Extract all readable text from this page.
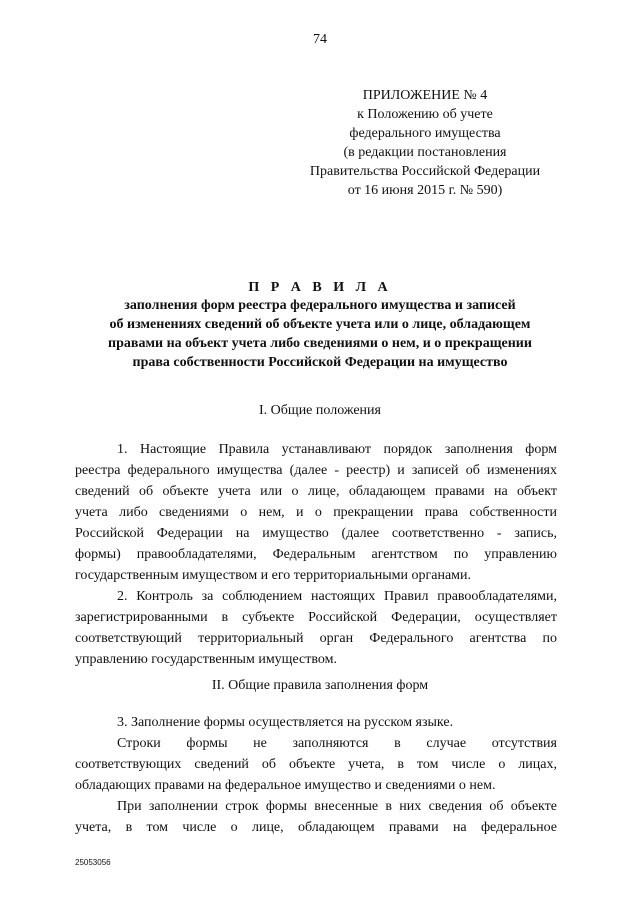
74
ПРИЛОЖЕНИЕ № 4
к Положению об учете
федерального имущества
(в редакции постановления
Правительства Российской Федерации
от 16 июня 2015 г. № 590)
П Р А В И Л А
заполнения форм реестра федерального имущества и записей
об изменениях сведений об объекте учета или о лице, обладающем
правами на объект учета либо сведениями о нем, и о прекращении
права собственности Российской Федерации на имущество
I. Общие положения
1. Настоящие Правила устанавливают порядок заполнения форм
реестра федерального имущества (далее - реестр) и записей об изменениях
сведений об объекте учета или о лице, обладающем правами на объект
учета либо сведениями о нем, и о прекращении права собственности
Российской Федерации на имущество (далее соответственно - запись,
формы) правообладателями, Федеральным агентством по управлению
государственным имуществом и его территориальными органами.
2. Контроль за соблюдением настоящих Правил правообладателями,
зарегистрированными в субъекте Российской Федерации, осуществляет
соответствующий территориальный орган Федерального агентства по
управлению государственным имуществом.
II. Общие правила заполнения форм
3. Заполнение формы осуществляется на русском языке.
Строки формы не заполняются в случае отсутствия
соответствующих сведений об объекте учета, в том числе о лицах,
обладающих правами на федеральное имущество и сведениями о нем.
При заполнении строк формы внесенные в них сведения об объекте
учета, в том числе о лице, обладающем правами на федеральное
25053056
